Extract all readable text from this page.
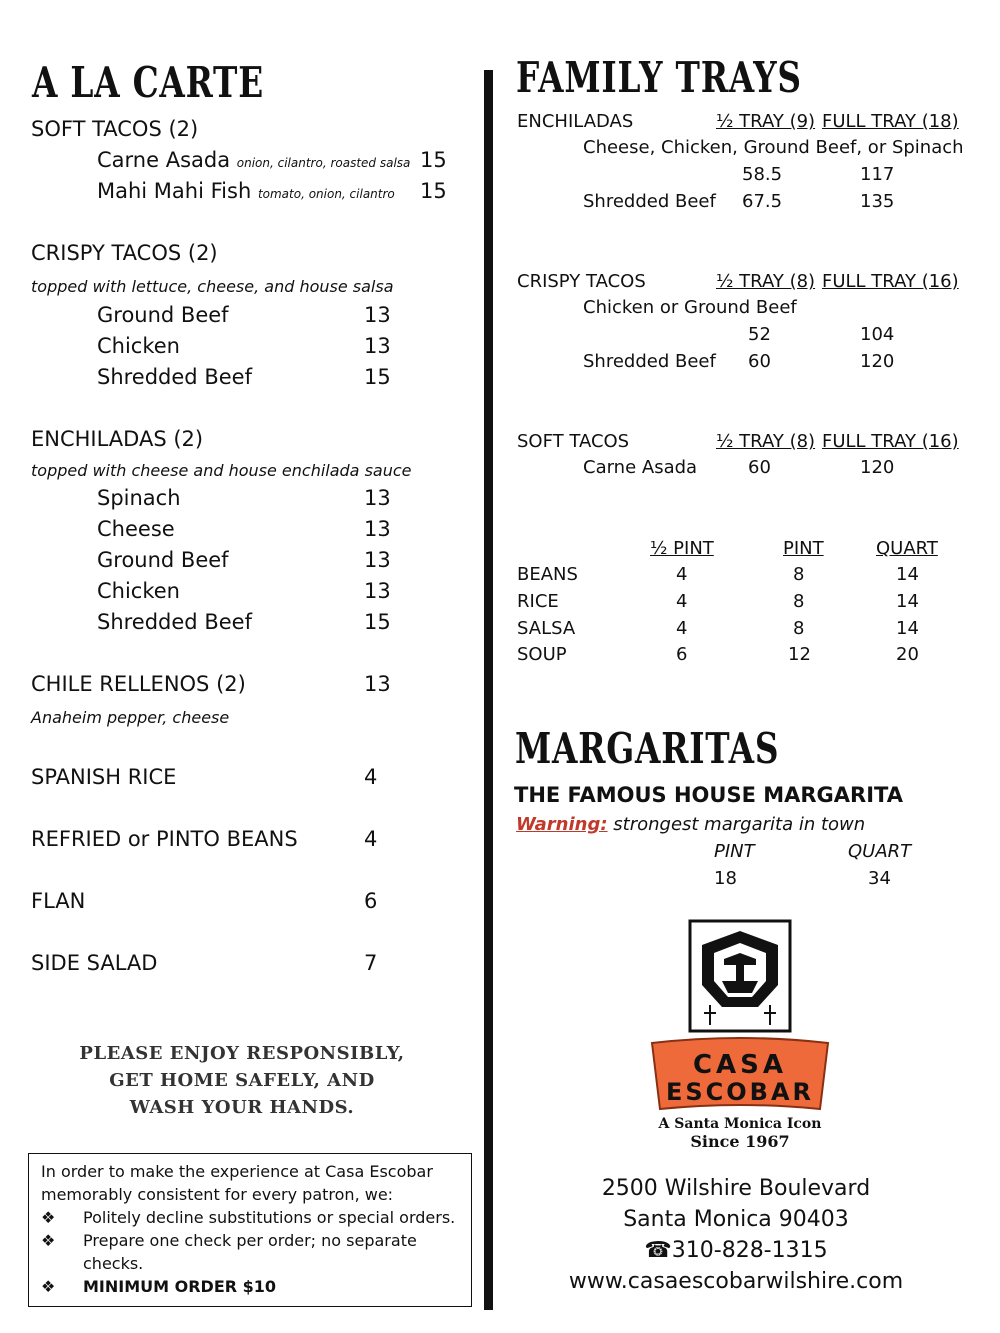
A LA CARTE
SOFT TACOS (2)
Carne Asada onion, cilantro, roasted salsa 15
Mahi Mahi Fish tomato, onion, cilantro 15
CRISPY TACOS (2)
topped with lettuce, cheese, and house salsa
Ground Beef	13
Chicken	13
Shredded Beef	15
ENCHILADAS (2)
topped with cheese and house enchilada sauce
Spinach	13
Cheese	13
Ground Beef	13
Chicken	13
Shredded Beef	15
CHILE RELLENOS (2)	13
Anaheim pepper, cheese
SPANISH RICE	4
REFRIED or PINTO BEANS	4
FLAN	6
SIDE SALAD	7
PLEASE ENJOY RESPONSIBLY,
GET HOME SAFELY, AND
WASH YOUR HANDS.
In order to make the experience at Casa Escobar memorably consistent for every patron, we:
❖	Politely decline substitutions or special orders.
❖	Prepare one check per order; no separate checks.
❖	MINIMUM ORDER $10
FAMILY TRAYS
ENCHILADAS	½ TRAY (9) FULL TRAY (18)
Cheese, Chicken, Ground Beef, or Spinach
58.5	117
Shredded Beef 67.5	135
CRISPY TACOS	½ TRAY (8) FULL TRAY (16)
Chicken or Ground Beef
52	104
Shredded Beef 60	120
SOFT TACOS	½ TRAY (8) FULL TRAY (16)
Carne Asada	60	120
½ PINT	PINT	QUART
BEANS	4	8	14
RICE	4	8	14
SALSA	4	8	14
SOUP	6	12	20
MARGARITAS
THE FAMOUS HOUSE MARGARITA
Warning: strongest margarita in town
PINT	QUART
18	34
CASA
ESCOBAR
A Santa Monica Icon
Since 1967
2500 Wilshire Boulevard
Santa Monica 90403
☎310-828-1315
www.casaescobarwilshire.com
